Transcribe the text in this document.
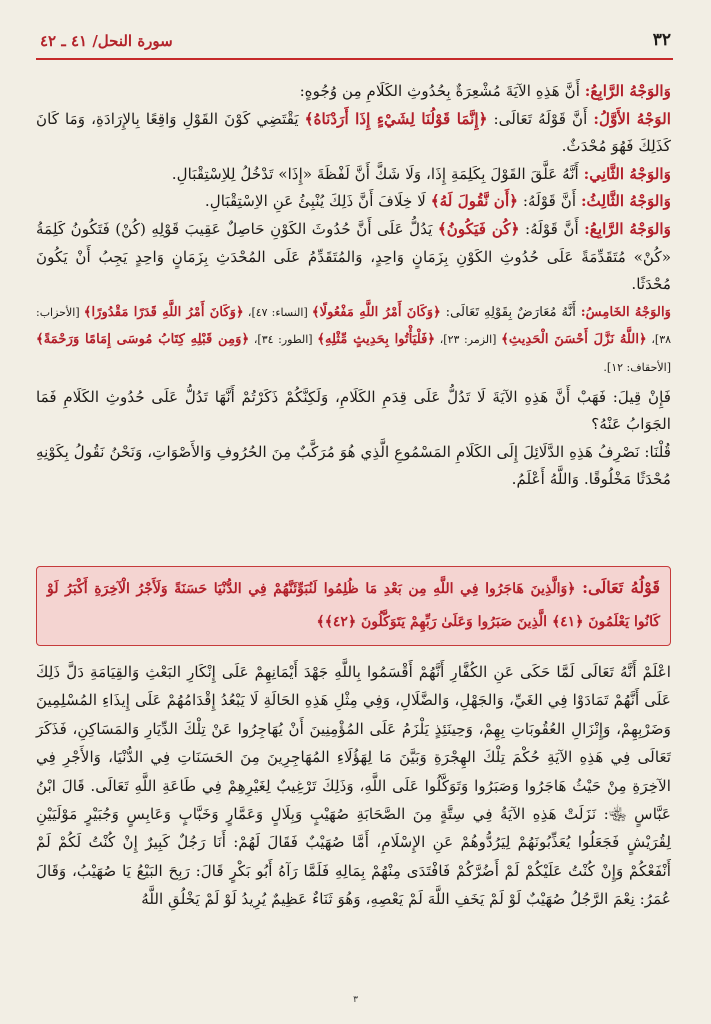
٣٢
سورة النحل/ ٤١ ـ ٤٢

وَالوَجْهُ الرَّابِعُ: أَنَّ هَذِهِ الآيَةَ مُشْعِرَةٌ بِحُدُوثِ الكَلَامِ مِن وُجُوهٍ:

الوَجْهُ الأَوَّلُ: أَنَّ قَوْلَهُ تَعَالَى: ﴿إِنَّمَا قَوْلُنَا لِشَيْءٍ إِذَا أَرَدْنَاهُ﴾ يَقْتَضِي كَوْنَ القَوْلِ وَاقِعًا بِالإِرَادَةِ، وَمَا كَانَ كَذَلِكَ فَهُوَ مُحْدَثٌ.

وَالوَجْهُ الثَّانِي: أَنَّهُ عَلَّقَ القَوْلَ بِكَلِمَةِ إِذَا، وَلَا شَكَّ أَنَّ لَفْظَةَ «إِذَا» تَدْخُلُ لِلاِسْتِقْبَالِ.

وَالوَجْهُ الثَّالِثُ: أَنَّ قَوْلَهُ: ﴿أَن نَّقُولَ لَهُ﴾ لَا خِلَافَ أَنَّ ذَلِكَ يُنْبِئُ عَنِ الاِسْتِقْبَالِ.

وَالوَجْهُ الرَّابِعُ: أَنَّ قَوْلَهُ: ﴿كُن فَيَكُونُ﴾ يَدُلُّ عَلَى أَنَّ حُدُوثَ الكَوْنِ حَاصِلٌ عَقِيبَ قَوْلِهِ (كُنْ) فَتَكُونُ كَلِمَةُ «كُنْ» مُتَقَدِّمَةً عَلَى حُدُوثِ الكَوْنِ بِزَمَانٍ وَاحِدٍ، وَالمُتَقَدِّمُ عَلَى المُحْدَثِ بِزَمَانٍ وَاحِدٍ يَجِبُ أَنْ يَكُونَ مُحْدَثًا.

وَالوَجْهُ الخَامِسُ: أَنَّهُ مُعَارَضٌ بِقَوْلِهِ تَعَالَى: ﴿وَكَانَ أَمْرُ اللَّهِ مَفْعُولًا﴾ [النساء: ٤٧]، ﴿وَكَانَ أَمْرُ اللَّهِ قَدَرًا مَقْدُورًا﴾ [الأحزاب: ٣٨]، ﴿اللَّهُ نَزَّلَ أَحْسَنَ الْحَدِيثِ﴾ [الزمر: ٢٣]، ﴿فَلْيَأْتُوا بِحَدِيثٍ مِّثْلِهِ﴾ [الطور: ٣٤]، ﴿وَمِن قَبْلِهِ كِتَابُ مُوسَى إِمَامًا وَرَحْمَةً﴾ [الأحقاف: ١٢].

فَإِنْ قِيلَ: فَهَبْ أَنَّ هَذِهِ الآيَةَ لَا تَدُلُّ عَلَى قِدَمِ الكَلَامِ، وَلَكِنَّكُمْ ذَكَرْتُمْ أَنَّهَا تَدُلُّ عَلَى حُدُوثِ الكَلَامِ فَمَا الجَوَابُ عَنْهُ؟

قُلْنَا: نَصْرِفُ هَذِهِ الدَّلَائِلَ إِلَى الكَلَامِ المَسْمُوعِ الَّذِي هُوَ مُرَكَّبٌ مِنَ الحُرُوفِ وَالأَصْوَاتِ، وَنَحْنُ نَقُولُ بِكَوْنِهِ مُحْدَثًا مَخْلُوقًا. وَاللَّهُ أَعْلَمُ.

قَوْلُهُ تَعَالَى: ﴿وَالَّذِينَ هَاجَرُوا فِي اللَّهِ مِن بَعْدِ مَا ظُلِمُوا لَنُبَوِّئَنَّهُمْ فِي الدُّنْيَا حَسَنَةً وَلَأَجْرُ الْآخِرَةِ أَكْبَرُ لَوْ كَانُوا يَعْلَمُونَ ﴿٤١﴾ الَّذِينَ صَبَرُوا وَعَلَىٰ رَبِّهِمْ يَتَوَكَّلُونَ ﴿٤٢﴾﴾

اعْلَمْ أَنَّهُ تَعَالَى لَمَّا حَكَى عَنِ الكُفَّارِ أَنَّهُمْ أَقْسَمُوا بِاللَّهِ جَهْدَ أَيْمَانِهِمْ عَلَى إِنْكَارِ البَعْثِ وَالقِيَامَةِ دَلَّ ذَلِكَ عَلَى أَنَّهُمْ تَمَادَوْا فِي الغَيِّ، وَالجَهْلِ، وَالضَّلَالِ، وَفِي مِثْلِ هَذِهِ الحَالَةِ لَا يَبْعُدُ إِقْدَامُهُمْ عَلَى إِيذَاءِ المُسْلِمِينَ وَضَرْبِهِمْ، وَإِنْزَالِ العُقُوبَاتِ بِهِمْ، وَحِينَئِذٍ يَلْزَمُ عَلَى المُؤْمِنِينَ أَنْ يُهَاجِرُوا عَنْ تِلْكَ الدِّيَارِ وَالمَسَاكِنِ، فَذَكَرَ تَعَالَى فِي هَذِهِ الآيَةِ حُكْمَ تِلْكَ الهِجْرَةِ وَبَيَّنَ مَا لِهَؤُلَاءِ المُهَاجِرِينَ مِنَ الحَسَنَاتِ فِي الدُّنْيَا، وَالأَجْرِ فِي الآخِرَةِ مِنْ حَيْثُ هَاجَرُوا وَصَبَرُوا وَتَوَكَّلُوا عَلَى اللَّهِ، وَذَلِكَ تَرْغِيبٌ لِغَيْرِهِمْ فِي طَاعَةِ اللَّهِ تَعَالَى. قَالَ ابْنُ عَبَّاسٍ ﵄: نَزَلَتْ هَذِهِ الآيَةُ فِي سِتَّةٍ مِنَ الصَّحَابَةِ صُهَيْبٍ وَبِلَالٍ وَعَمَّارٍ وَخَبَّابٍ وَعَابِسٍ وَجُبَيْرٍ مَوْلَيَيْنِ لِقُرَيْشٍ فَجَعَلُوا يُعَذِّبُونَهُمْ لِيَرُدُّوهُمْ عَنِ الإِسْلَامِ، أَمَّا صُهَيْبٌ فَقَالَ لَهُمْ: أَنَا رَجُلٌ كَبِيرٌ إِنْ كُنْتُ لَكُمْ لَمْ أَنْفَعْكُمْ وَإِنْ كُنْتُ عَلَيْكُمْ لَمْ أَضُرَّكُمْ فَافْتَدَى مِنْهُمْ بِمَالِهِ فَلَمَّا رَآهُ أَبُو بَكْرٍ قَالَ: رَبِحَ البَيْعُ يَا صُهَيْبُ، وَقَالَ عُمَرُ: نِعْمَ الرَّجُلُ صُهَيْبٌ لَوْ لَمْ يَخَفِ اللَّهَ لَمْ يَعْصِهِ، وَهُوَ ثَنَاءٌ عَظِيمٌ يُرِيدُ لَوْ لَمْ يَخْلُقِ اللَّهُ

٣
